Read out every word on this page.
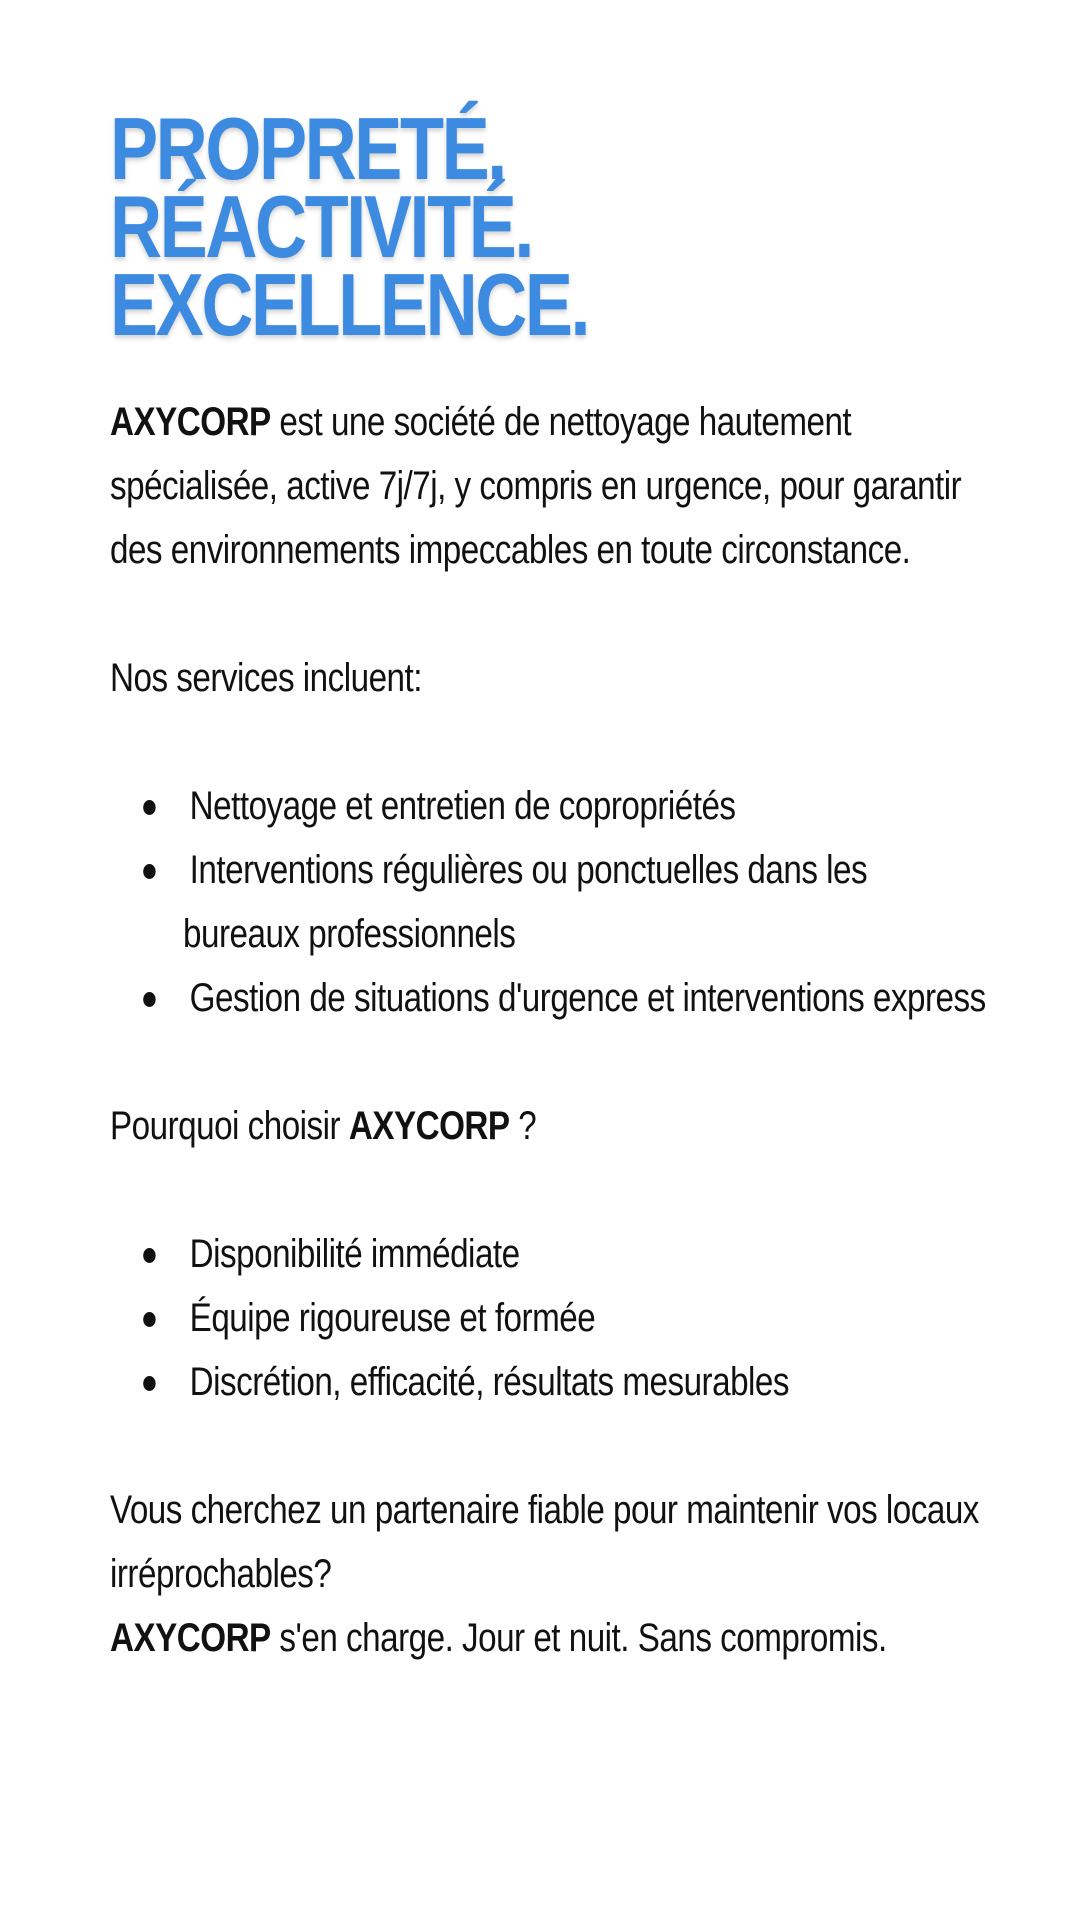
PROPRETÉ.
RÉACTIVITÉ.
EXCELLENCE.

AXYCORP est une société de nettoyage hautement spécialisée, active 7j/7j, y compris en urgence, pour garantir des environnements impeccables en toute circonstance.

Nos services incluent:

Nettoyage et entretien de copropriétés
Interventions régulières ou ponctuelles dans les bureaux professionnels
Gestion de situations d'urgence et interventions express

Pourquoi choisir AXYCORP ?

Disponibilité immédiate
Équipe rigoureuse et formée
Discrétion, efficacité, résultats mesurables

Vous cherchez un partenaire fiable pour maintenir vos locaux irréprochables?

AXYCORP s'en charge. Jour et nuit. Sans compromis.
